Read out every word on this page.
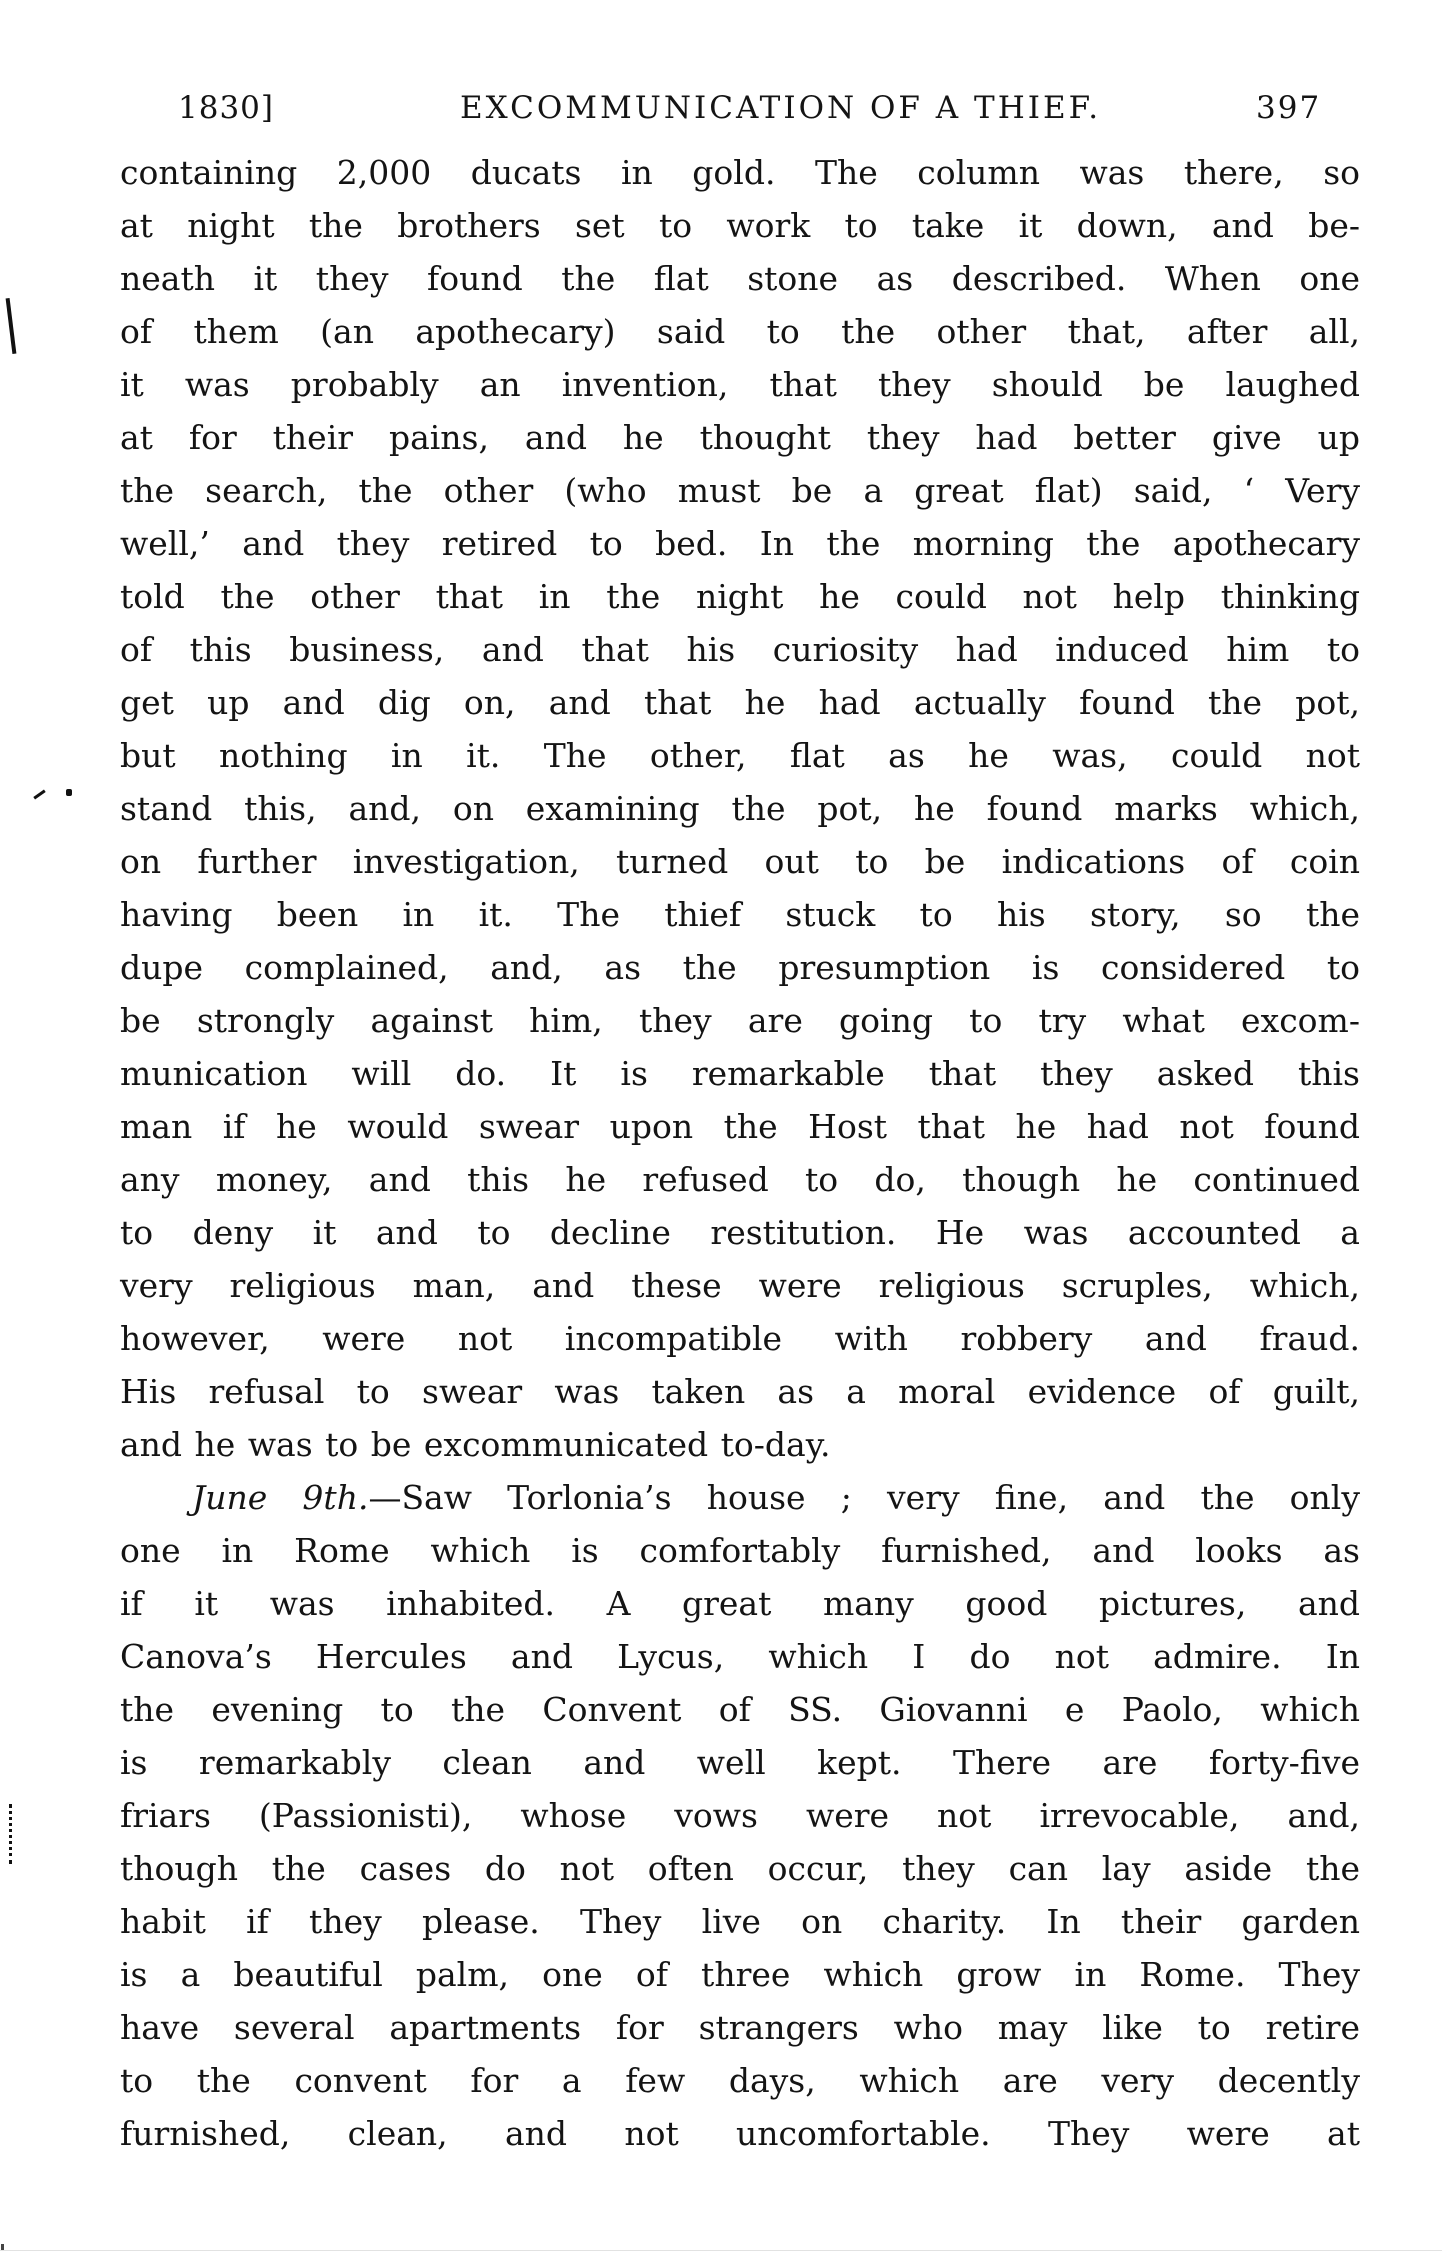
1830]	EXCOMMUNICATION OF A THIEF.	397
containing 2,000 ducats in gold. The column was there, so
at night the brothers set to work to take it down, and be-
neath it they found the flat stone as described. When one
of them (an apothecary) said to the other that, after all,
it was probably an invention, that they should be laughed
at for their pains, and he thought they had better give up
the search, the other (who must be a great flat) said, ‘ Very
well,’ and they retired to bed. In the morning the apothecary
told the other that in the night he could not help thinking
of this business, and that his curiosity had induced him to
get up and dig on, and that he had actually found the pot,
but nothing in it. The other, flat as he was, could not
stand this, and, on examining the pot, he found marks which,
on further investigation, turned out to be indications of coin
having been in it. The thief stuck to his story, so the
dupe complained, and, as the presumption is considered to
be strongly against him, they are going to try what excom-
munication will do. It is remarkable that they asked this
man if he would swear upon the Host that he had not found
any money, and this he refused to do, though he continued
to deny it and to decline restitution. He was accounted a
very religious man, and these were religious scruples, which,
however, were not incompatible with robbery and fraud.
His refusal to swear was taken as a moral evidence of guilt,
and he was to be excommunicated to-day.
June 9th.—Saw Torlonia’s house ; very fine, and the only
one in Rome which is comfortably furnished, and looks as
if it was inhabited. A great many good pictures, and
Canova’s Hercules and Lycus, which I do not admire. In
the evening to the Convent of SS. Giovanni e Paolo, which
is remarkably clean and well kept. There are forty-five
friars (Passionisti), whose vows were not irrevocable, and,
though the cases do not often occur, they can lay aside the
habit if they please. They live on charity. In their garden
is a beautiful palm, one of three which grow in Rome. They
have several apartments for strangers who may like to retire
to the convent for a few days, which are very decently
furnished, clean, and not uncomfortable. They were at
